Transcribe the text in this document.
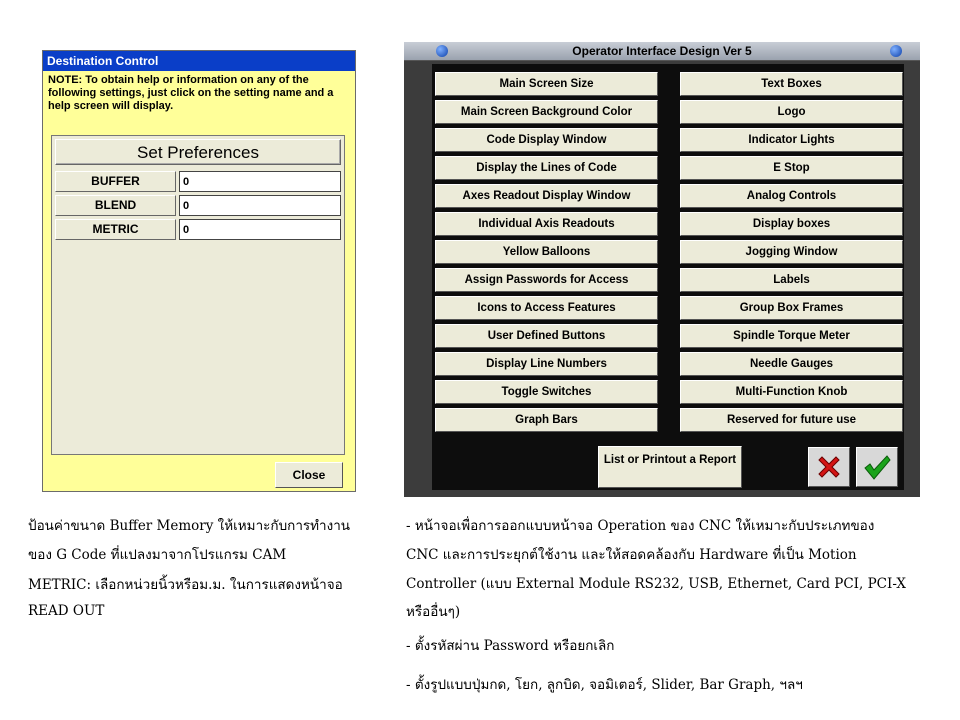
Destination Control
NOTE: To obtain help or information on any of the following settings, just click on the setting name and a help screen will display.
Set Preferences
BUFFER
0
BLEND
0
METRIC
0
Close
Operator Interface Design Ver 5
Main Screen Size
Main Screen Background Color
Code Display Window
Display the Lines of Code
Axes Readout Display Window
Individual Axis Readouts
Yellow Balloons
Assign Passwords for Access
Icons to Access Features
User Defined Buttons
Display Line Numbers
Toggle Switches
Graph Bars
Text Boxes
Logo
Indicator Lights
E Stop
Analog Controls
Display boxes
Jogging Window
Labels
Group Box Frames
Spindle Torque Meter
Needle Gauges
Multi-Function Knob
Reserved for future use
List or Printout a Report
ป้อนค่าขนาด Buffer Memory ให้เหมาะกับการทำงาน
ของ G Code ที่แปลงมาจากโปรแกรม CAM
METRIC: เลือกหน่วยนิ้วหรือม.ม. ในการแสดงหน้าจอ
READ OUT
- หน้าจอเพื่อการออกแบบหน้าจอ Operation ของ CNC ให้เหมาะกับประเภทของ
CNC และการประยุกต์ใช้งาน และให้สอดคล้องกับ Hardware ที่เป็น Motion
Controller (แบบ External Module RS232, USB, Ethernet, Card PCI, PCI-X
หรืออื่นๆ)
- ตั้งรหัสผ่าน Password หรือยกเลิก
- ตั้งรูปแบบปุ่มกด, โยก, ลูกบิด, จอมิเตอร์, Slider, Bar Graph, ฯลฯ
